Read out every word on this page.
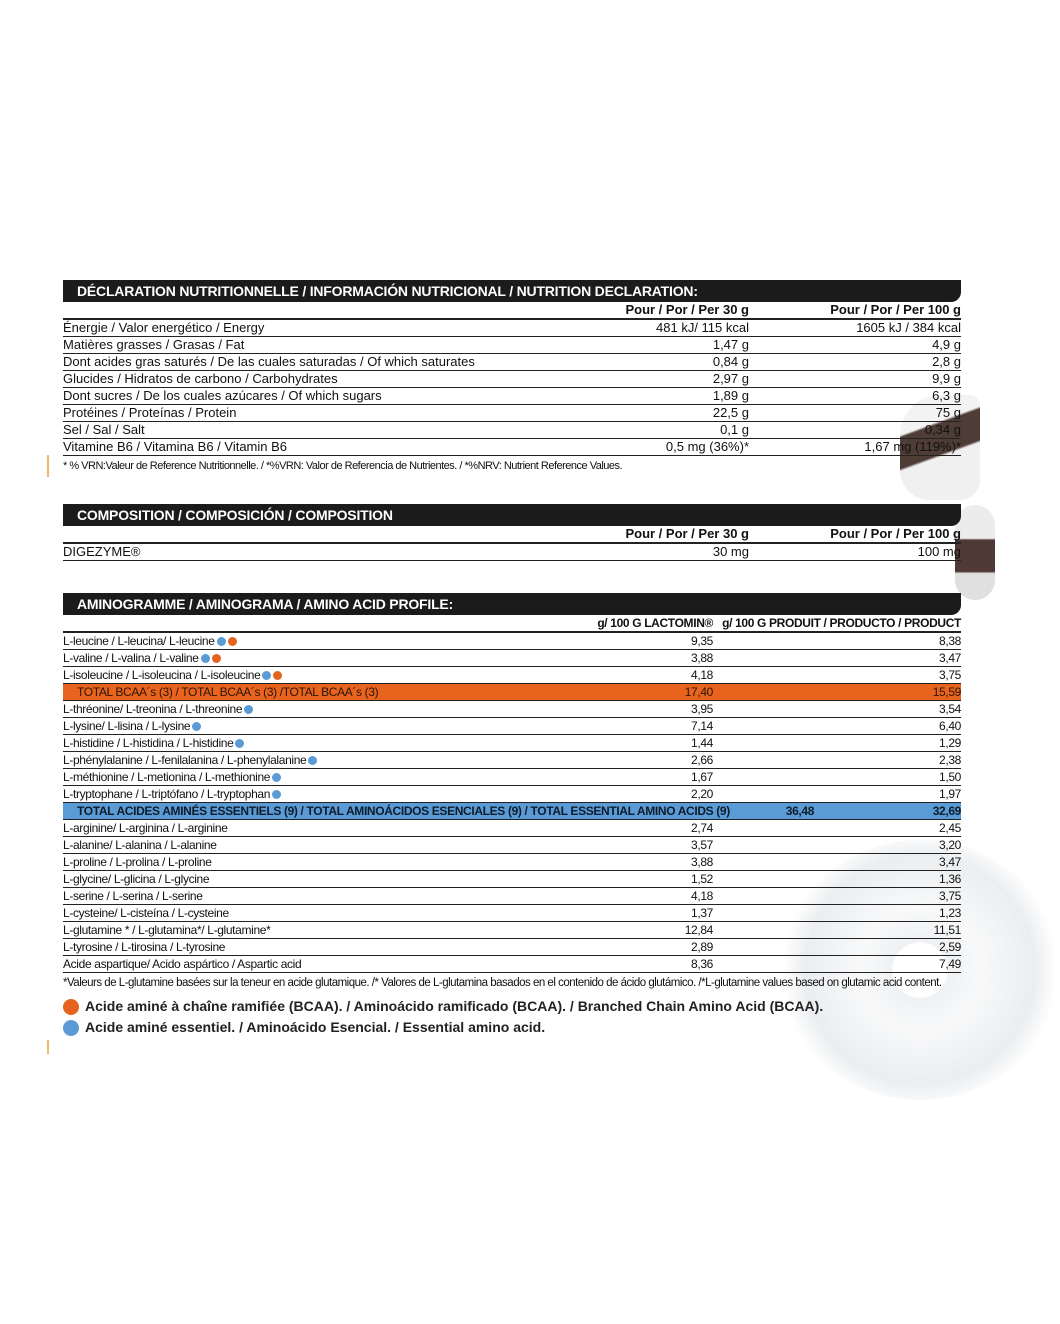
DÉCLARATION NUTRITIONNELLE / INFORMACIÓN NUTRICIONAL / NUTRITION DECLARATION:
Pour / Por / Per 30 g	Pour / Por / Per 100 g
Énergie / Valor energético / Energy	481 kJ/ 115 kcal	1605 kJ / 384 kcal
Matières grasses / Grasas / Fat	1,47 g	4,9 g
Dont acides gras saturés / De las cuales saturadas / Of which saturates	0,84 g	2,8 g
Glucides / Hidratos de carbono / Carbohydrates	2,97 g	9,9 g
Dont sucres / De los cuales azúcares / Of which sugars	1,89 g	6,3 g
Protéines / Proteínas / Protein	22,5 g	75 g
Sel / Sal / Salt	0,1 g	0,34 g
Vitamine B6 / Vitamina B6 / Vitamin B6	0,5 mg (36%)*	1,67 mg (119%)*
* % VRN:Valeur de Reference Nutritionnelle. / *%VRN: Valor de Referencia de Nutrientes. / *%NRV: Nutrient Reference Values.
COMPOSITION / COMPOSICIÓN / COMPOSITION
Pour / Por / Per 30 g	Pour / Por / Per 100 g
DIGEZYME®	30 mg	100 mg
AMINOGRAMME / AMINOGRAMA / AMINO ACID PROFILE:
g/ 100 G LACTOMIN® g/ 100 G PRODUIT / PRODUCTO / PRODUCT
L-leucine / L-leucina/ L-leucine	9,35	8,38
L-valine / L-valina / L-valine	3,88	3,47
L-isoleucine / L-isoleucina / L-isoleucine	4,18	3,75
TOTAL BCAA´s (3) / TOTAL BCAA´s (3) /TOTAL BCAA´s (3)	17,40	15,59
L-thréonine/ L-treonina / L-threonine	3,95	3,54
L-lysine/ L-lisina / L-lysine	7,14	6,40
L-histidine / L-histidina / L-histidine	1,44	1,29
L-phénylalanine / L-fenilalanina / L-phenylalanine	2,66	2,38
L-méthionine / L-metionina / L-methionine	1,67	1,50
L-tryptophane / L-triptófano / L-tryptophan	2,20	1,97
TOTAL ACIDES AMINÉS ESSENTIELS (9) / TOTAL AMINOÁCIDOS ESENCIALES (9) / TOTAL ESSENTIAL AMINO ACIDS (9)	36,48	32,69
L-arginine/ L-arginina / L-arginine	2,74	2,45
L-alanine/ L-alanina / L-alanine	3,57	3,20
L-proline / L-prolina / L-proline	3,88	3,47
L-glycine/ L-glicina / L-glycine	1,52	1,36
L-serine / L-serina / L-serine	4,18	3,75
L-cysteine/ L-cisteína / L-cysteine	1,37	1,23
L-glutamine * / L-glutamina*/ L-glutamine*	12,84	11,51
L-tyrosine / L-tirosina / L-tyrosine	2,89	2,59
Acide aspartique/ Acido aspártico / Aspartic acid	8,36	7,49
*Valeurs de L-glutamine basées sur la teneur en acide glutamique. /* Valores de L-glutamina basados en el contenido de ácido glutámico. /*L-glutamine values based on glutamic acid content.
Acide aminé à chaîne ramifiée (BCAA). / Aminoácido ramificado (BCAA). / Branched Chain Amino Acid (BCAA).
Acide aminé essentiel. / Aminoácido Esencial. / Essential amino acid.
